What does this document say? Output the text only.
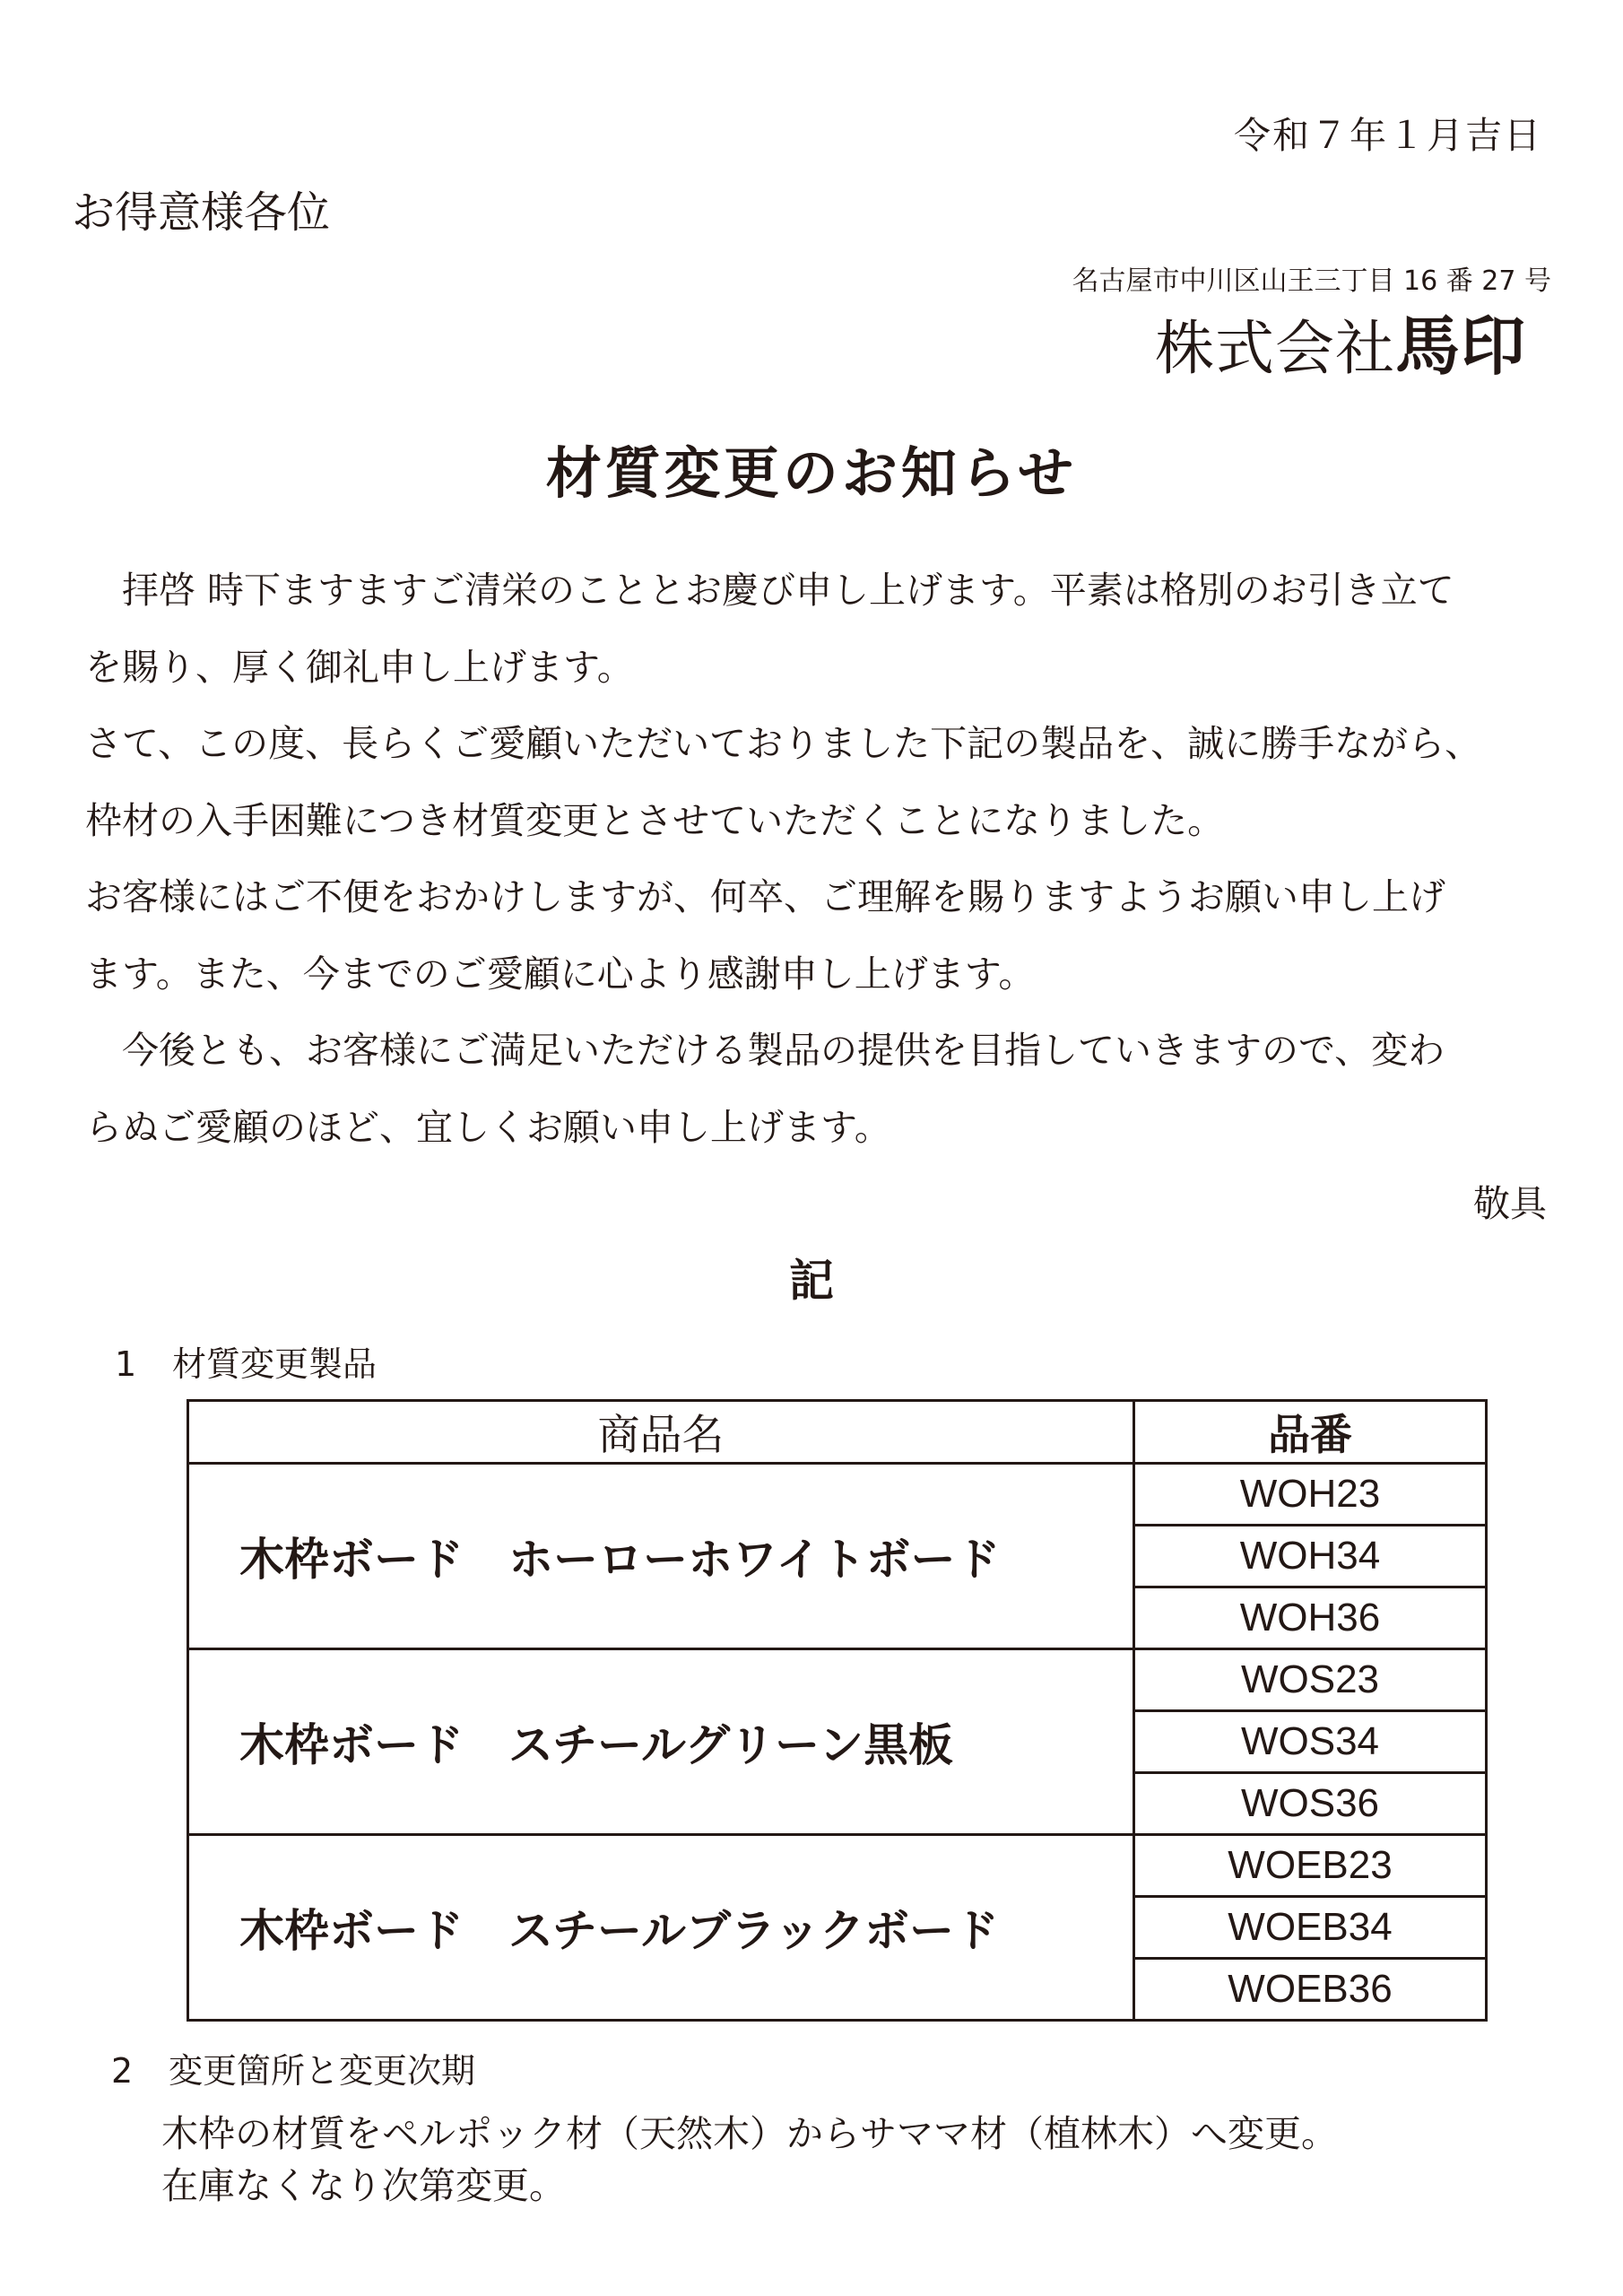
令和７年１月吉日
お得意様各位
名古屋市中川区山王三丁目 16 番 27 号
株式会社馬印
材質変更のお知らせ
　拝啓 時下ますますご清栄のこととお慶び申し上げます。平素は格別のお引き立て
を賜り、厚く御礼申し上げます。
さて、この度、長らくご愛顧いただいておりました下記の製品を、誠に勝手ながら、
枠材の入手困難につき材質変更とさせていただくことになりました。
お客様にはご不便をおかけしますが、何卒、ご理解を賜りますようお願い申し上げ
ます。また、今までのご愛顧に心より感謝申し上げます。
　今後とも、お客様にご満足いただける製品の提供を目指していきますので、変わ
らぬご愛顧のほど、宜しくお願い申し上げます。
敬具
記
1 材質変更製品
商品名	品番
木枠ボード　ホーローホワイトボード	WOH23
	WOH34
	WOH36
木枠ボード　スチールグリーン黒板	WOS23
	WOS34
	WOS36
木枠ボード　スチールブラックボード	WOEB23
	WOEB34
	WOEB36
2 変更箇所と変更次期
木枠の材質をペルポック材（天然木）からサママ材（植林木）へ変更。
在庫なくなり次第変更。
